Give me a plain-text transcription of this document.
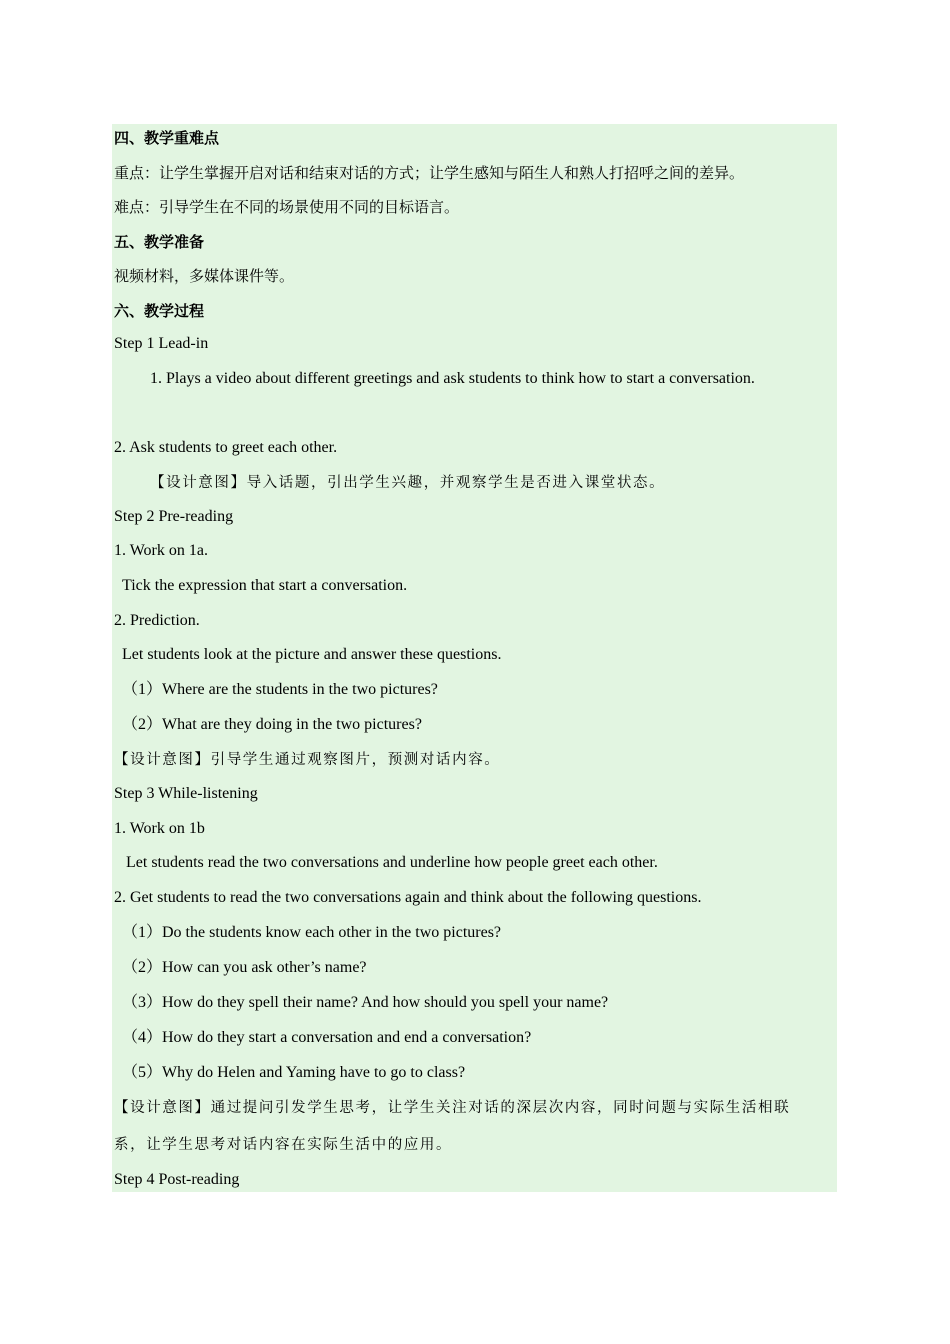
四、教学重难点
重点：让学生掌握开启对话和结束对话的方式；让学生感知与陌生人和熟人打招呼之间的差异。
难点：引导学生在不同的场景使用不同的目标语言。
五、教学准备
视频材料，多媒体课件等。
六、教学过程
Step 1 Lead-in
1. Plays a video about different greetings and ask students to think how to start a conversation.
2. Ask students to greet each other.
【设计意图】导入话题，引出学生兴趣，并观察学生是否进入课堂状态。
Step 2 Pre-reading
1. Work on 1a.
Tick the expression that start a conversation.
2. Prediction.
Let students look at the picture and answer these questions.
（1）Where are the students in the two pictures?
（2）What are they doing in the two pictures?
【设计意图】引导学生通过观察图片，预测对话内容。
Step 3 While-listening
1. Work on 1b
Let students read the two conversations and underline how people greet each other.
2. Get students to read the two conversations again and think about the following questions.
（1）Do the students know each other in the two pictures?
（2）How can you ask other’s name?
（3）How do they spell their name? And how should you spell your name?
（4）How do they start a conversation and end a conversation?
（5）Why do Helen and Yaming have to go to class?
【设计意图】通过提问引发学生思考，让学生关注对话的深层次内容，同时问题与实际生活相联
系，让学生思考对话内容在实际生活中的应用。
Step 4 Post-reading
